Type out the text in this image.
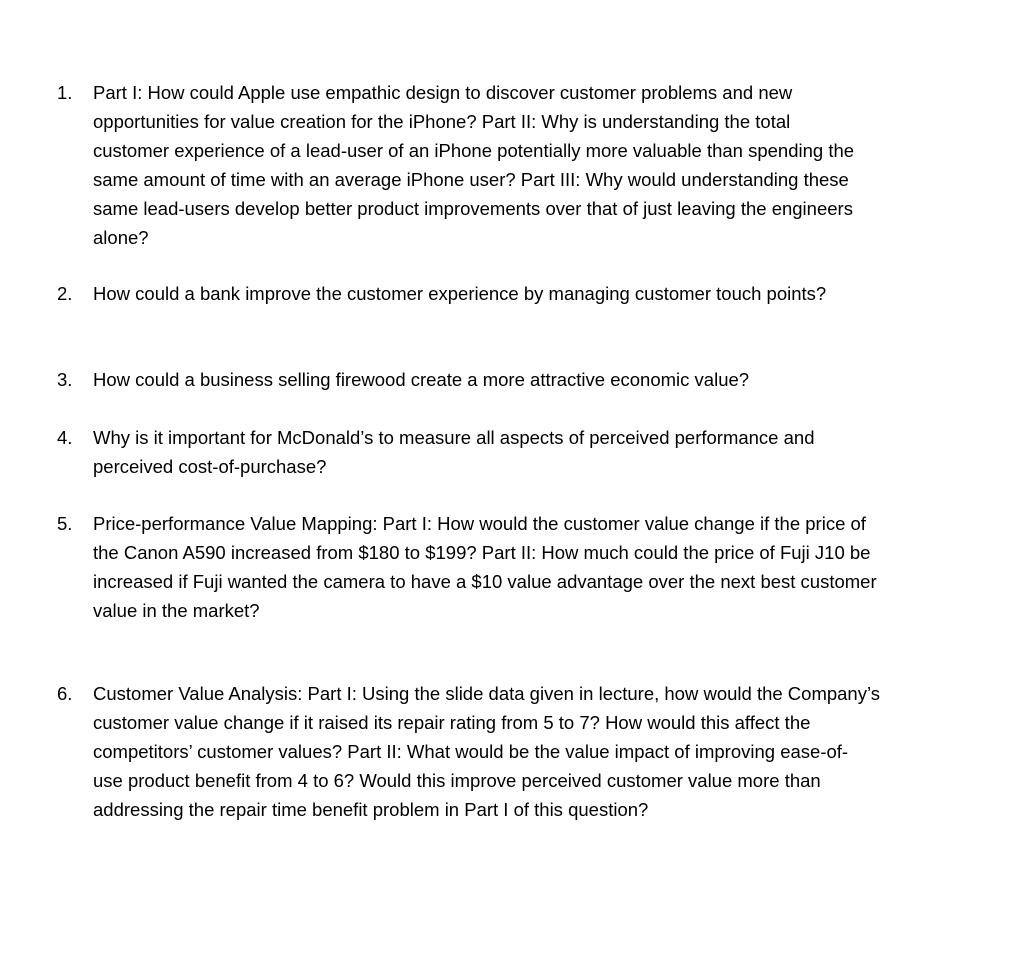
1.	Part I: How could Apple use empathic design to discover customer problems and new
opportunities for value creation for the iPhone? Part II: Why is understanding the total
customer experience of a lead-user of an iPhone potentially more valuable than spending the
same amount of time with an average iPhone user? Part III: Why would understanding these
same lead-users develop better product improvements over that of just leaving the engineers
alone?
2.	How could a bank improve the customer experience by managing customer touch points?
3.	How could a business selling firewood create a more attractive economic value?
4.	Why is it important for McDonald’s to measure all aspects of perceived performance and
perceived cost-of-purchase?
5.	Price-performance Value Mapping: Part I: How would the customer value change if the price of
the Canon A590 increased from $180 to $199? Part II: How much could the price of Fuji J10 be
increased if Fuji wanted the camera to have a $10 value advantage over the next best customer
value in the market?
6.	Customer Value Analysis: Part I: Using the slide data given in lecture, how would the Company’s
customer value change if it raised its repair rating from 5 to 7? How would this affect the
competitors’ customer values? Part II: What would be the value impact of improving ease-of-
use product benefit from 4 to 6? Would this improve perceived customer value more than
addressing the repair time benefit problem in Part I of this question?
